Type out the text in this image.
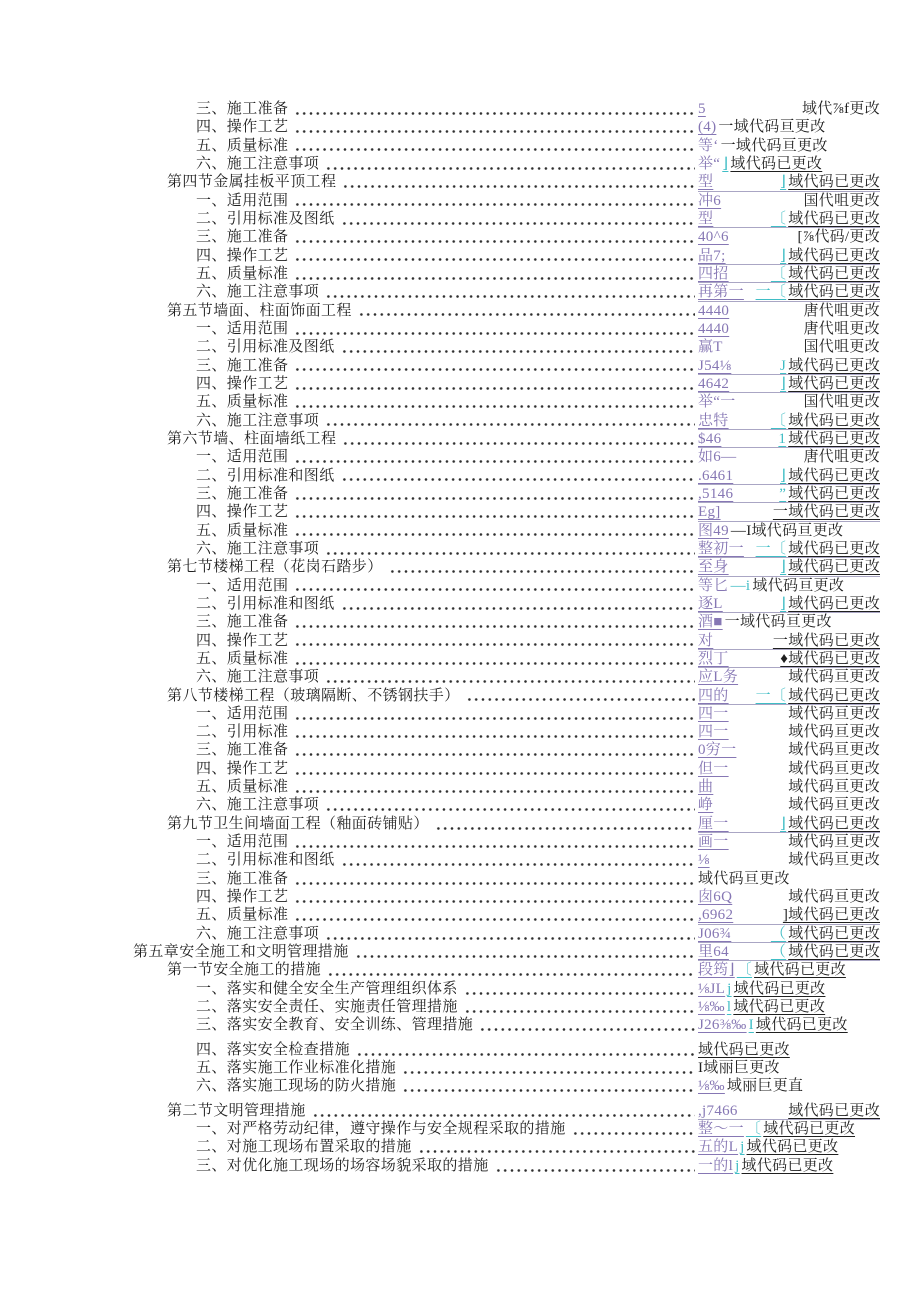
三、施工准备	5	域代⅞f更改
四、操作工艺	(4) 一域代码亘更改
五、质量标准	等‘ 一域代码亘更改
六、施工注意事项	举“ ⌋ 域代码已更改
第四节金属挂板平顶工程	型	⌋ 域代码已更改
一、适用范围	冲6	国代咀更改
二、引用标准及图纸	型	〔 域代码已更改
三、施工准备	40^6	[⅞代码/更改
四、操作工艺	品7;	⌋ 域代码已更改
五、质量标准	四招	〔 域代码已更改
六、施工注意事项	再第一 一〔 域代码已更改
第五节墙面、柱面饰面工程	4440	唐代咀更改
一、适用范围	4440	唐代咀更改
二、引用标准及图纸	赢T	国代咀更改
三、施工准备	J54⅛	J 域代码已更改
四、操作工艺	4642	⌋ 域代码已更改
五、质量标准	举“一	国代咀更改
六、施工注意事项	忠特	〔 域代码已更改
第六节墙、柱面墙纸工程	$46	1 域代码已更改
一、适用范围	如6—	唐代咀更改
二、引用标准和图纸	.6461	⌋ 域代码已更改
三、施工准备	,5146	” 域代码已更改
四、操作工艺	Eg]	一域代码已更改
五、质量标准	图49 —I域代码亘更改
六、施工注意事项	整初一 一〔 域代码已更改
第七节楼梯工程（花岗石踏步）	至身	⌋ 域代码已更改
一、适用范围	等匕 —i 域代码亘更改
二、引用标准和图纸	逐L	⌋ 域代码已更改
三、施工准备	酒■ 一域代码亘更改
四、操作工艺	对	一域代码已更改
五、质量标准	烈丁	♦域代码已更改
六、施工注意事项	应L务	域代码亘更改
第八节楼梯工程（玻璃隔断、不锈钢扶手）	四的 一〔 域代码已更改
一、适用范围	四一	域代码亘更改
二、引用标准	四一	域代码亘更改
三、施工准备	0穷一	域代码亘更改
四、操作工艺	但一	域代码亘更改
五、质量标准	曲	域代码亘更改
六、施工注意事项	峥	域代码亘更改
第九节卫生间墙面工程（釉面砖铺贴）	厘一	⌋ 域代码已更改
一、适用范围	画一	域代码亘更改
二、引用标准和图纸	⅛	域代码亘更改
三、施工准备	域代码亘更改
四、操作工艺	囱6Q	域代码亘更改
五、质量标准	,6962	]域代码已更改
六、施工注意事项	J06¾	（ 域代码已更改
第五章安全施工和文明管理措施	里64	（ 域代码已更改
第一节安全施工的措施	段筠⌋ 〔 域代码已更改
一、落实和健全安全生产管理组织体系	⅛JL j 域代码已更改
二、落实安全责任、实施责任管理措施	⅛‰ l 域代码已更改
三、落实安全教育、安全训练、管理措施	J26⅜‰ I 域代码已更改
四、落实安全检查措施	域代码已更改
五、落实施工作业标准化措施	I域丽巨更改
六、落实施工现场的防火措施	⅛‰ 域丽巨更直
第二节文明管理措施	,j7466	域代码已更改
一、对严格劳动纪律，遵守操作与安全规程采取的措施	整～一 〔 域代码已更改
二、对施工现场布置采取的措施	五的L j 域代码已更改
三、对优化施工现场的场容场貌采取的措施	一的l j 域代码已更改
